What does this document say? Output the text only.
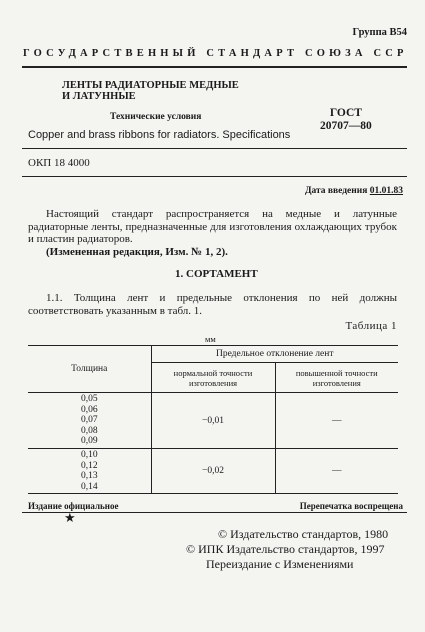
Группа В54
ГОСУДАРСТВЕННЫЙ СТАНДАРТ СОЮЗА ССР
ЛЕНТЫ РАДИАТОРНЫЕ МЕДНЫЕ
И ЛАТУННЫЕ
Технические условия	ГОСТ
20707—80
Copper and brass ribbons for radiators. Specifications
ОКП 18 4000
Дата введения 01.01.83
Настоящий стандарт распространяется на медные и латунные радиаторные ленты, предназначенные для изготовления охлаждающих трубок и пластин радиаторов.
(Измененная редакция, Изм. № 1, 2).
1. СОРТАМЕНТ
1.1. Толщина лент и предельные отклонения по ней должны соответствовать указанным в табл. 1.
Таблица 1
мм
Толщина	Предельное отклонение лент	
	нормальной точности изготовления	повышенной точности изготовления

0,05
0,06
0,07
0,08
0,09	−0,01	—

0,10
0,12
0,13
0,14	−0,02	—
Издание официальное
★
Перепечатка воспрещена
© Издательство стандартов, 1980
© ИПК Издательство стандартов, 1997
Переиздание с Изменениями
